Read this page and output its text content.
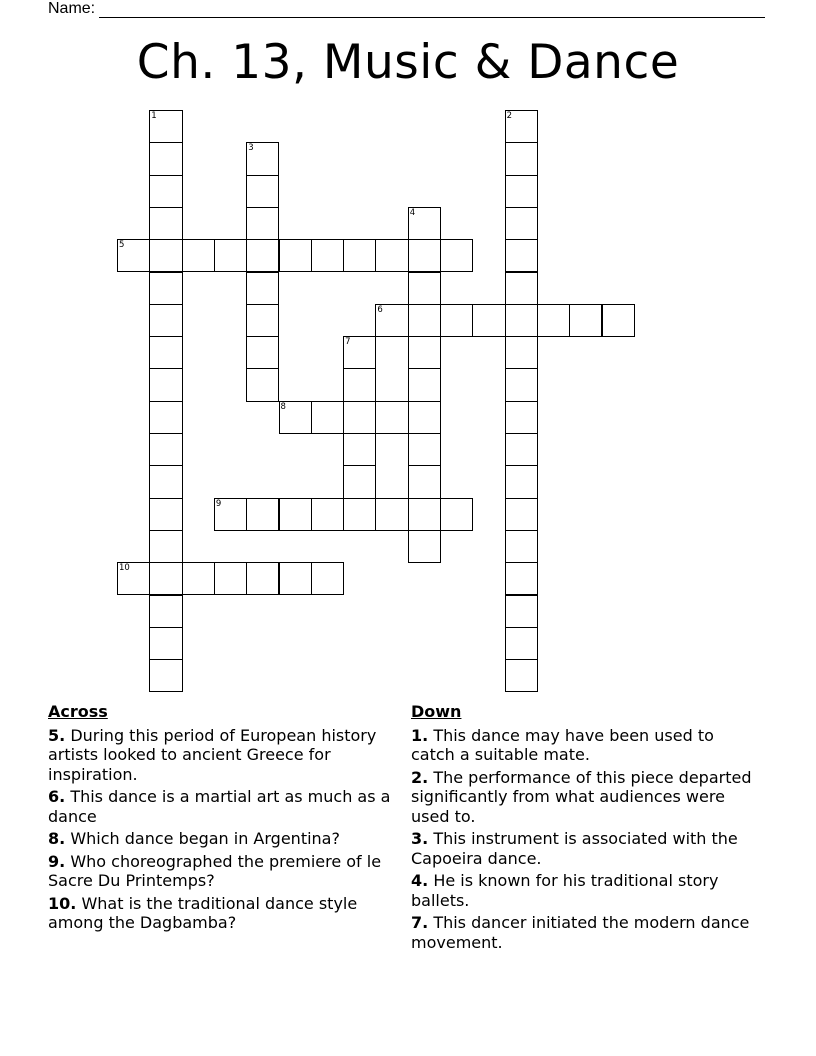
Name:
Ch. 13, Music & Dance
1	2
3
4
5
6
7
8
9
10
Across
5. During this period of European history artists looked to ancient Greece for inspiration.
6. This dance is a martial art as much as a dance
8. Which dance began in Argentina?
9. Who choreographed the premiere of le Sacre Du Printemps?
10. What is the traditional dance style among the Dagbamba?
Down
1. This dance may have been used to catch a suitable mate.
2. The performance of this piece departed significantly from what audiences were used to.
3. This instrument is associated with the Capoeira dance.
4. He is known for his traditional story ballets.
7. This dancer initiated the modern dance movement.
